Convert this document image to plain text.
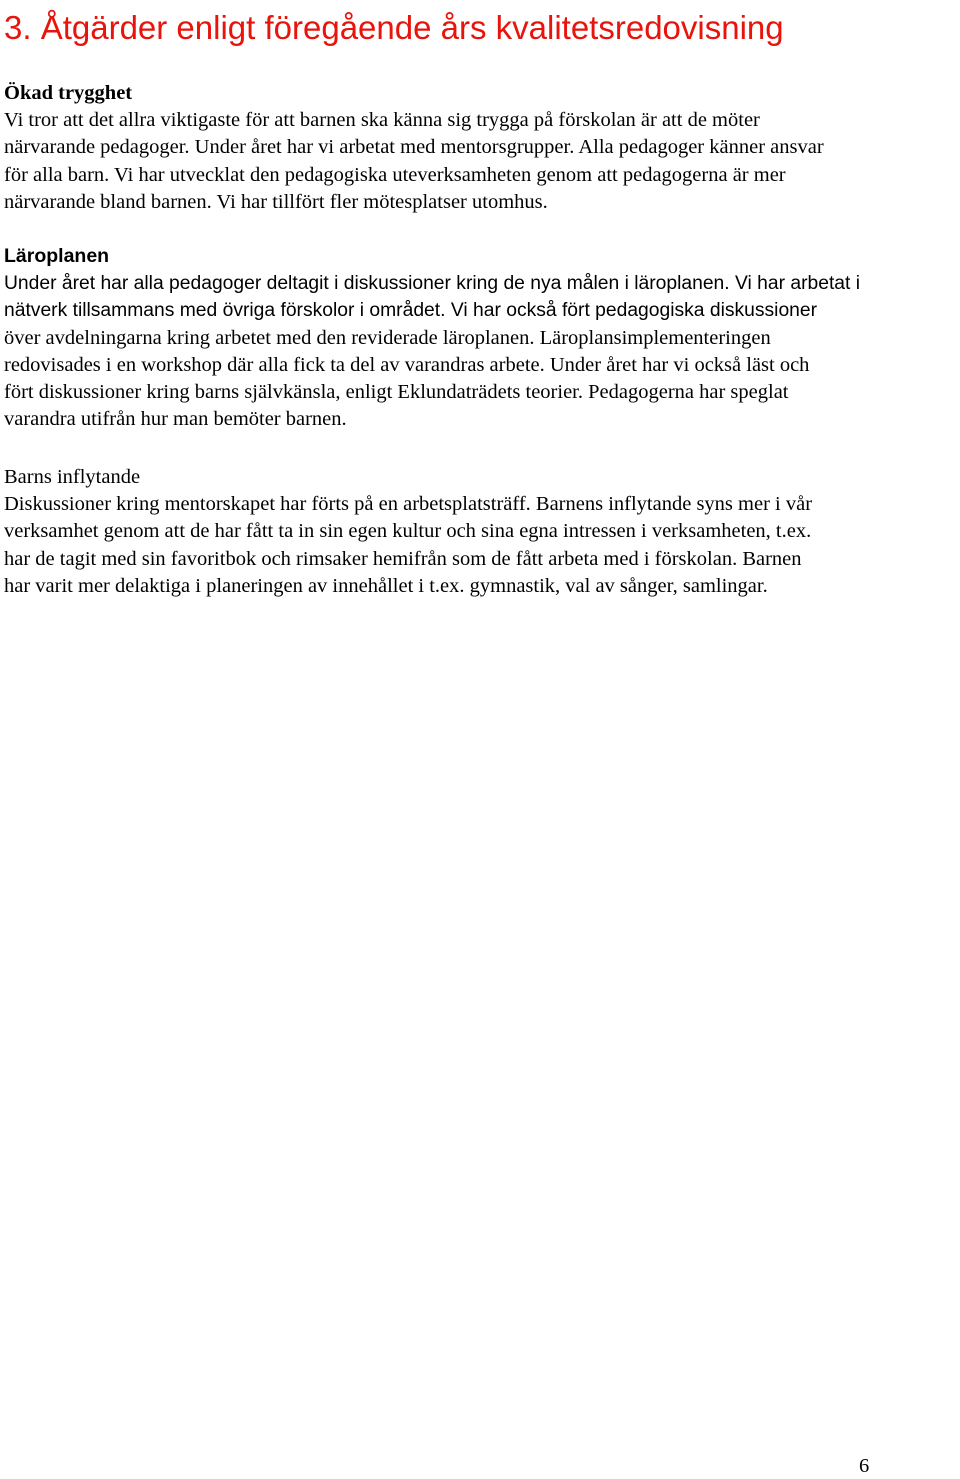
3. Åtgärder enligt föregående års kvalitetsredovisning
Ökad trygghet

Vi tror att det allra viktigaste för att barnen ska känna sig trygga på förskolan är att de möter

närvarande pedagoger. Under året har vi arbetat med mentorsgrupper. Alla pedagoger känner ansvar

för alla barn. Vi har utvecklat den pedagogiska uteverksamheten genom att pedagogerna är mer

närvarande bland barnen. Vi har tillfört fler mötesplatser utomhus.

Läroplanen

Under året har alla pedagoger deltagit i diskussioner kring de nya målen i läroplanen. Vi har arbetat i

nätverk tillsammans med övriga förskolor i området. Vi har också fört pedagogiska diskussioner

över avdelningarna kring arbetet med den reviderade läroplanen. Läroplansimplementeringen

redovisades i en workshop där alla fick ta del av varandras arbete. Under året har vi också läst och

fört diskussioner kring barns självkänsla, enligt Eklundaträdets teorier. Pedagogerna har speglat

varandra utifrån hur man bemöter barnen.

Barns inflytande

Diskussioner kring mentorskapet har förts på en arbetsplatsträff. Barnens inflytande syns mer i vår

verksamhet genom att de har fått ta in sin egen kultur och sina egna intressen i verksamheten, t.ex.

har de tagit med sin favoritbok och rimsaker hemifrån som de fått arbeta med i förskolan. Barnen

har varit mer delaktiga i planeringen av innehållet i t.ex. gymnastik, val av sånger, samlingar.

6
